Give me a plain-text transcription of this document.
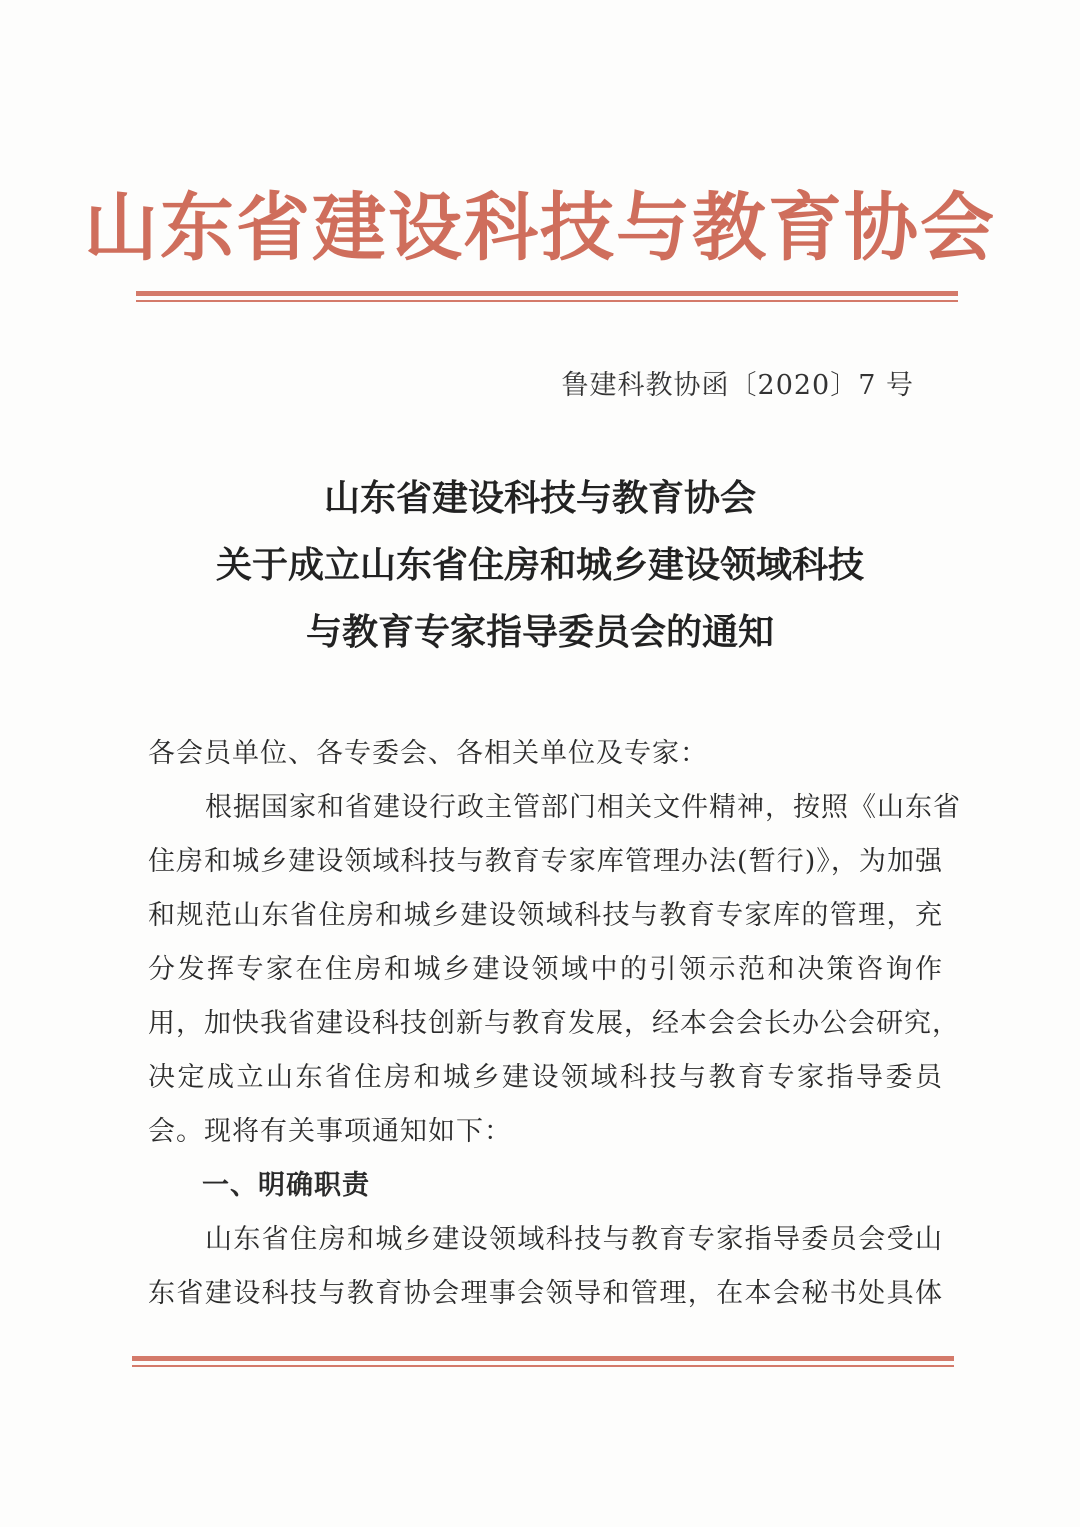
山东省建设科技与教育协会
鲁建科教协函〔2020〕7 号
山东省建设科技与教育协会
关于成立山东省住房和城乡建设领域科技
与教育专家指导委员会的通知
各会员单位、各专委会、各相关单位及专家：
根据国家和省建设行政主管部门相关文件精神，按照《山东省
住房和城乡建设领域科技与教育专家库管理办法(暂行)》，为加强
和规范山东省住房和城乡建设领域科技与教育专家库的管理，充
分发挥专家在住房和城乡建设领域中的引领示范和决策咨询作
用，加快我省建设科技创新与教育发展，经本会会长办公会研究，
决定成立山东省住房和城乡建设领域科技与教育专家指导委员
会。现将有关事项通知如下：
一、明确职责
山东省住房和城乡建设领域科技与教育专家指导委员会受山
东省建设科技与教育协会理事会领导和管理，在本会秘书处具体
